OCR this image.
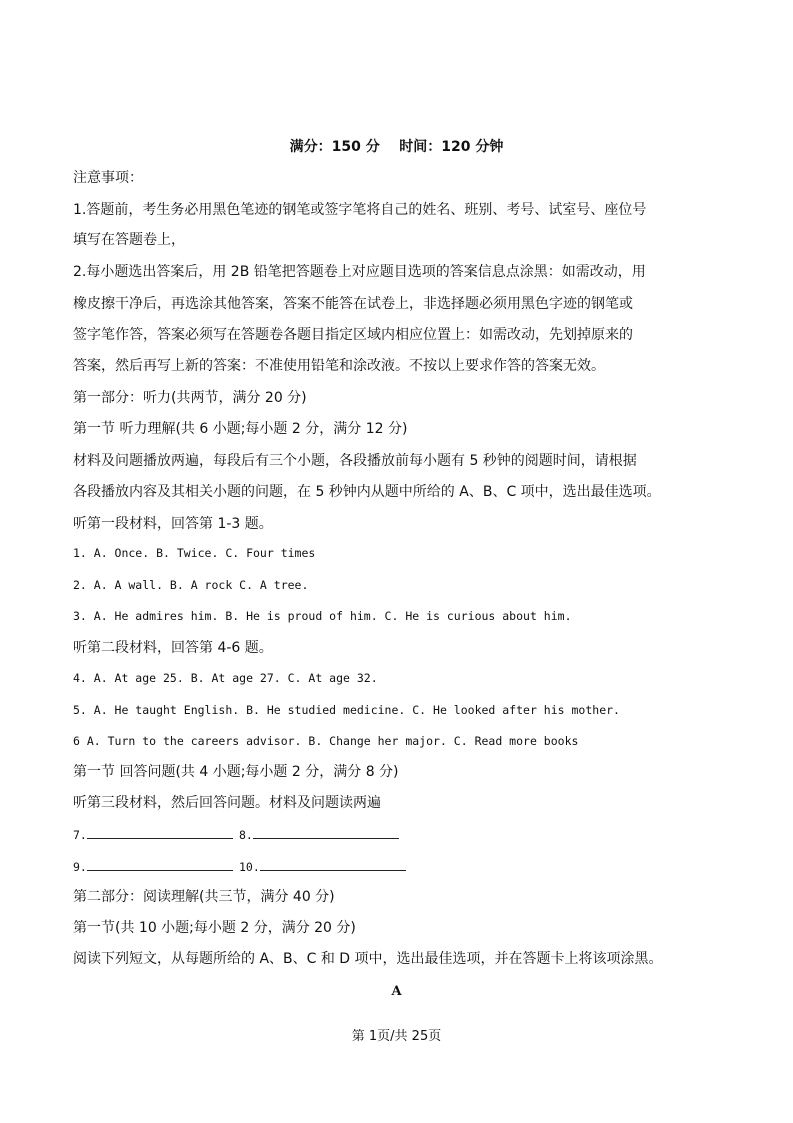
满分：150 分    时间：120 分钟
注意事项：
1.答题前，考生务必用黑色笔迹的钢笔或签字笔将自己的姓名、班别、考号、试室号、座位号
填写在答题卷上，
2.每小题选出答案后，用 2B 铅笔把答题卷上对应题目选项的答案信息点涂黑：如需改动，用
橡皮擦干净后，再选涂其他答案，答案不能答在试卷上，非选择题必须用黑色字迹的钢笔或
签字笔作答，答案必须写在答题卷各题目指定区域内相应位置上：如需改动，先划掉原来的
答案，然后再写上新的答案：不准使用铅笔和涂改液。不按以上要求作答的答案无效。
第一部分：听力(共两节，满分 20 分)
第一节 听力理解(共 6 小题;每小题 2 分，满分 12 分)
材料及问题播放两遍，每段后有三个小题，各段播放前每小题有 5 秒钟的阅题时间，请根据
各段播放内容及其相关小题的问题，在 5 秒钟内从题中所给的 A、B、C 项中，选出最佳选项。
听第一段材料，回答第 1-3 题。
1. A. Once. B. Twice. C. Four times
2. A. A wall. B. A rock C. A tree.
3. A. He admires him. B. He is proud of him. C. He is curious about him.
听第二段材料，回答第 4-6 题。
4. A. At age 25. B. At age 27. C. At age 32.
5. A. He taught English. B. He studied medicine. C. He looked after his mother.
6 A. Turn to the careers advisor. B. Change her major. C. Read more books
第一节 回答问题(共 4 小题;每小题 2 分，满分 8 分)
听第三段材料，然后回答问题。材料及问题读两遍
7.	8.
9.	10.
第二部分：阅读理解(共三节，满分 40 分)
第一节(共 10 小题;每小题 2 分，满分 20 分)
阅读下列短文，从每题所给的 A、B、C 和 D 项中，选出最佳选项，并在答题卡上将该项涂黑。
A
第 1页/共 25页
